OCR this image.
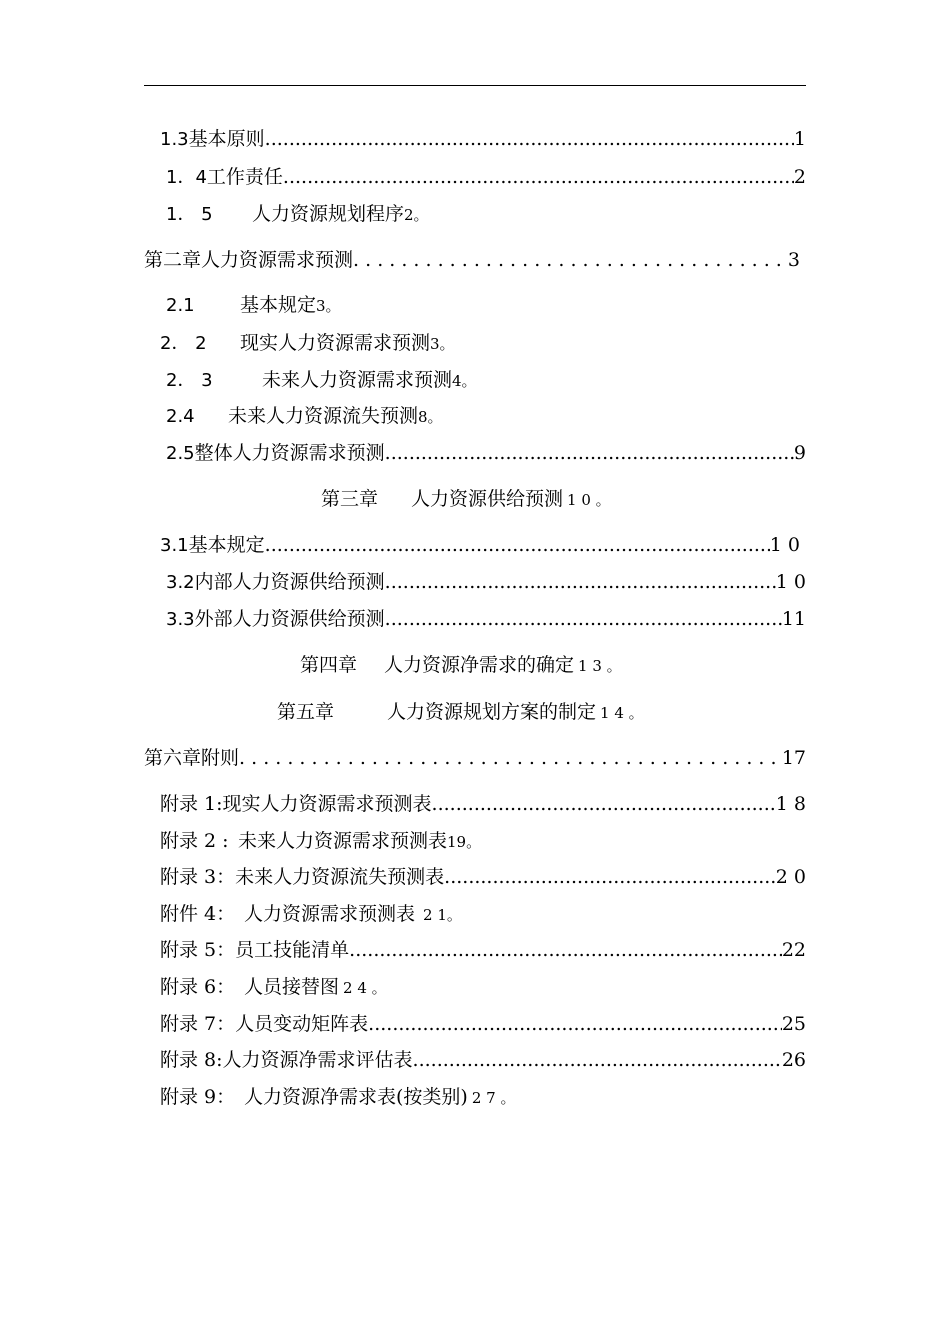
1.3 基本原则 .....	1
1．4 工作责任 .....	2
1． 5	人力资源规划程序 2。
第二章 人力资源需求预测 . . .	3
2.1	基本规定 3。
2． 2	现实人力资源需求预测 3。
2． 3	未来人力资源需求预测 4。
2.4	未来人力资源流失预测 8。
2.5 整体人力资源需求预测 .....	9
第三章	人力资源供给预测 1 0 。
3.1 基本规定 .....	1 0
3.2 内部人力资源供给预测 .....	1 0
3.3 外部人力资源供给预测 .....	11
第四章 人力资源净需求的确定 1 3 。
第五章	人力资源规划方案的制定 1 4 。
第六章 附则 . . .	17
附录 1: 现实人力资源需求预测表 .....	1 8
附录 2 : 未来人力资源需求预测表 19。
附录 3： 未来人力资源流失预测表 .....	2 0
附件 4： 人力资源需求预测表 2 1。
附录 5： 员工技能清单 .....	22
附录 6： 人员接替图 2 4 。
附录 7： 人员变动矩阵表 .....	25
附录 8: 人力资源净需求评估表 .....	26
附录 9： 人力资源净需求表(按类别) 2 7 。
